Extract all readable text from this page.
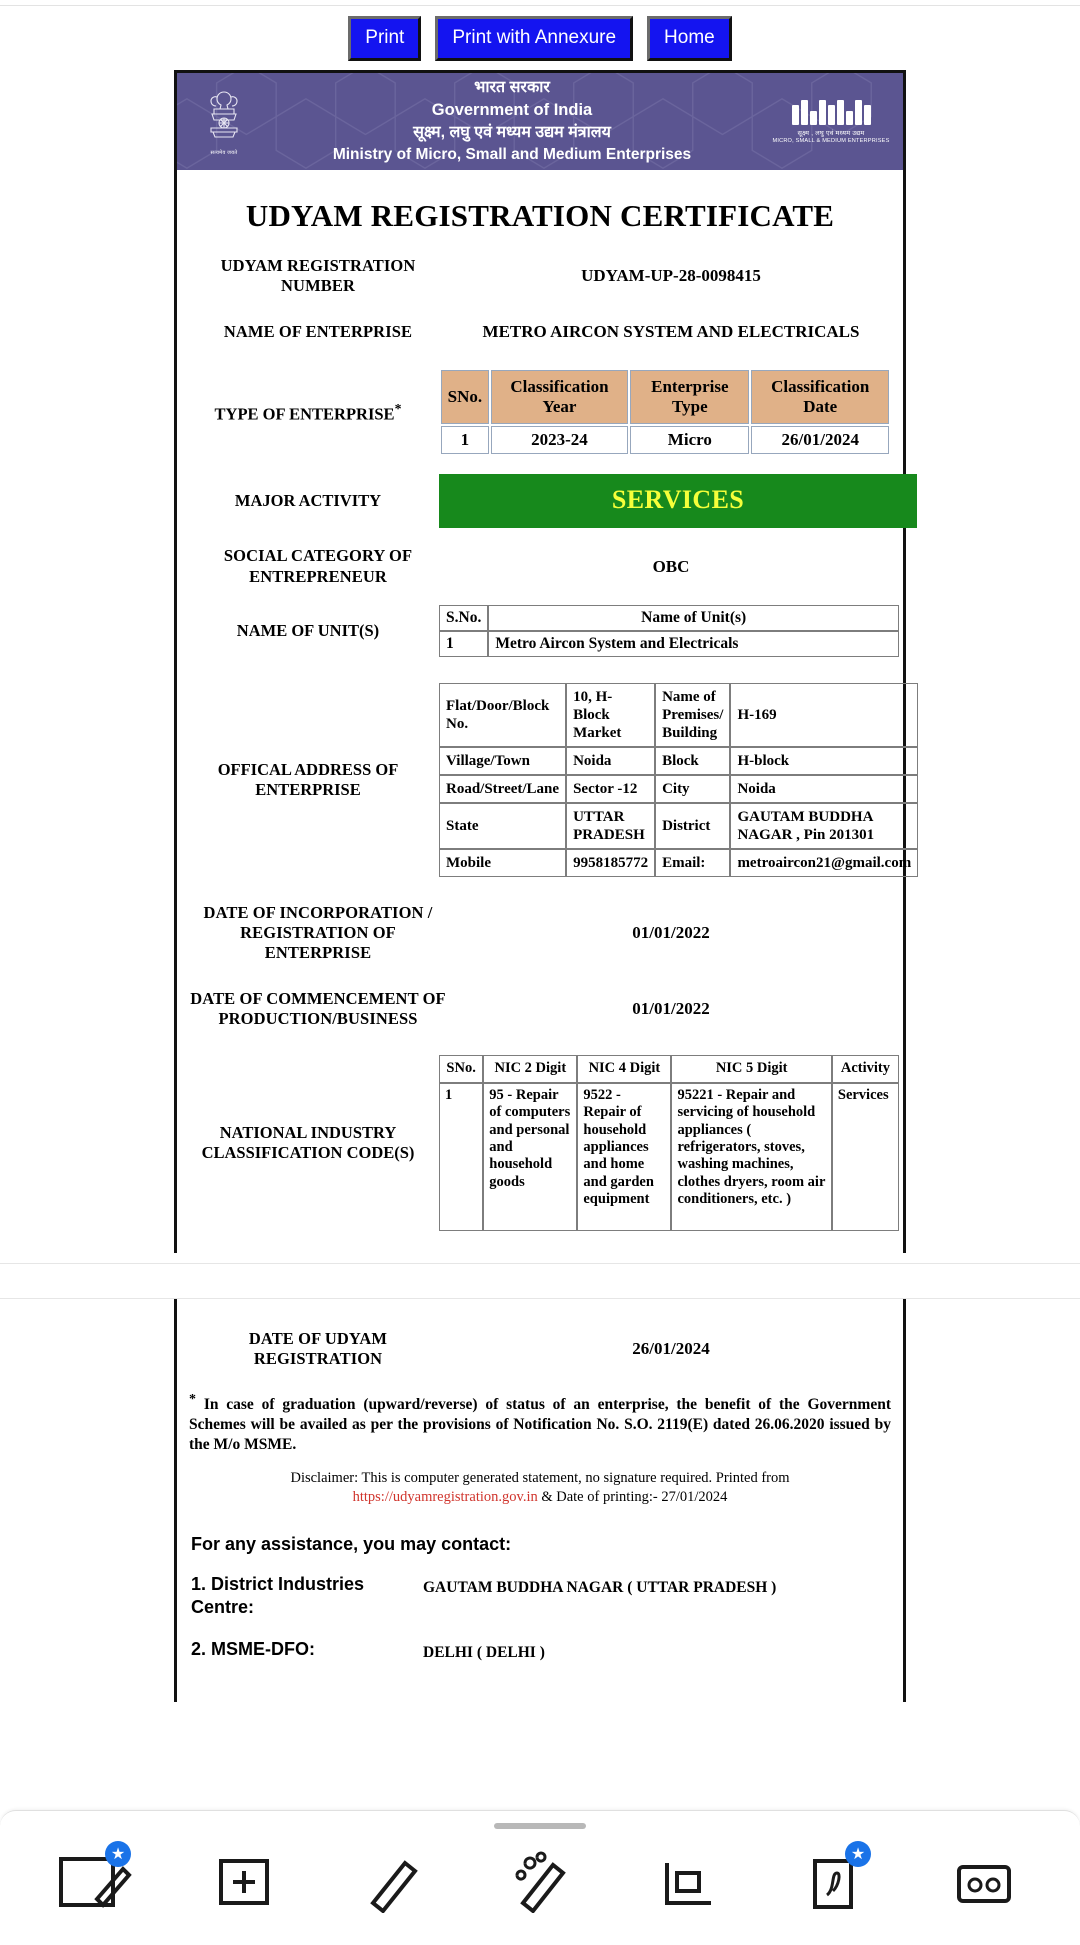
Print	Print with Annexure	Home
सत्यमेव जयते
भारत सरकार
Government of India
सूक्ष्म, लघु एवं मध्यम उद्यम मंत्रालय
Ministry of Micro, Small and Medium Enterprises
सूक्ष्म , लघु एवं मध्यम उद्यम
MICRO, SMALL & MEDIUM ENTERPRISES
UDYAM REGISTRATION CERTIFICATE
UDYAM REGISTRATION NUMBER
UDYAM-UP-28-0098415
NAME OF ENTERPRISE	METRO AIRCON SYSTEM AND ELECTRICALS
TYPE OF ENTERPRISE*
SNo.	Classification Year	Enterprise Type	Classification Date
1	2023-24	Micro	26/01/2024
MAJOR ACTIVITY	SERVICES
SOCIAL CATEGORY OF ENTREPRENEUR
OBC
NAME OF UNIT(S)
S.No.	Name of Unit(s)
1	Metro Aircon System and Electricals
OFFICAL ADDRESS OF ENTERPRISE
Flat/Door/Block No.	10, H-Block Market	Name of Premises/ Building	H-169
Village/Town	Noida	Block	H-block
Road/Street/Lane	Sector -12	City	Noida
State	UTTAR PRADESH	District	GAUTAM BUDDHA NAGAR , Pin 201301
Mobile	9958185772	Email:	metroaircon21@gmail.com
DATE OF INCORPORATION / REGISTRATION OF ENTERPRISE
01/01/2022
DATE OF COMMENCEMENT OF PRODUCTION/BUSINESS
01/01/2022
NATIONAL INDUSTRY CLASSIFICATION CODE(S)
SNo.	NIC 2 Digit	NIC 4 Digit	NIC 5 Digit	Activity
1	95 - Repair of computers and personal and household goods	9522 - Repair of household appliances and home and garden equipment	95221 - Repair and servicing of household appliances ( refrigerators, stoves, washing machines, clothes dryers, room air conditioners, etc. )	Services
DATE OF UDYAM REGISTRATION
26/01/2024
* In case of graduation (upward/reverse) of status of an enterprise, the benefit of the Government Schemes will be availed as per the provisions of Notification No. S.O. 2119(E) dated 26.06.2020 issued by the M/o MSME.
Disclaimer: This is computer generated statement, no signature required. Printed from https://udyamregistration.gov.in & Date of printing:- 27/01/2024
For any assistance, you may contact:
1. District Industries Centre:
GAUTAM BUDDHA NAGAR ( UTTAR PRADESH )
2. MSME-DFO:	DELHI ( DELHI )
★	★
